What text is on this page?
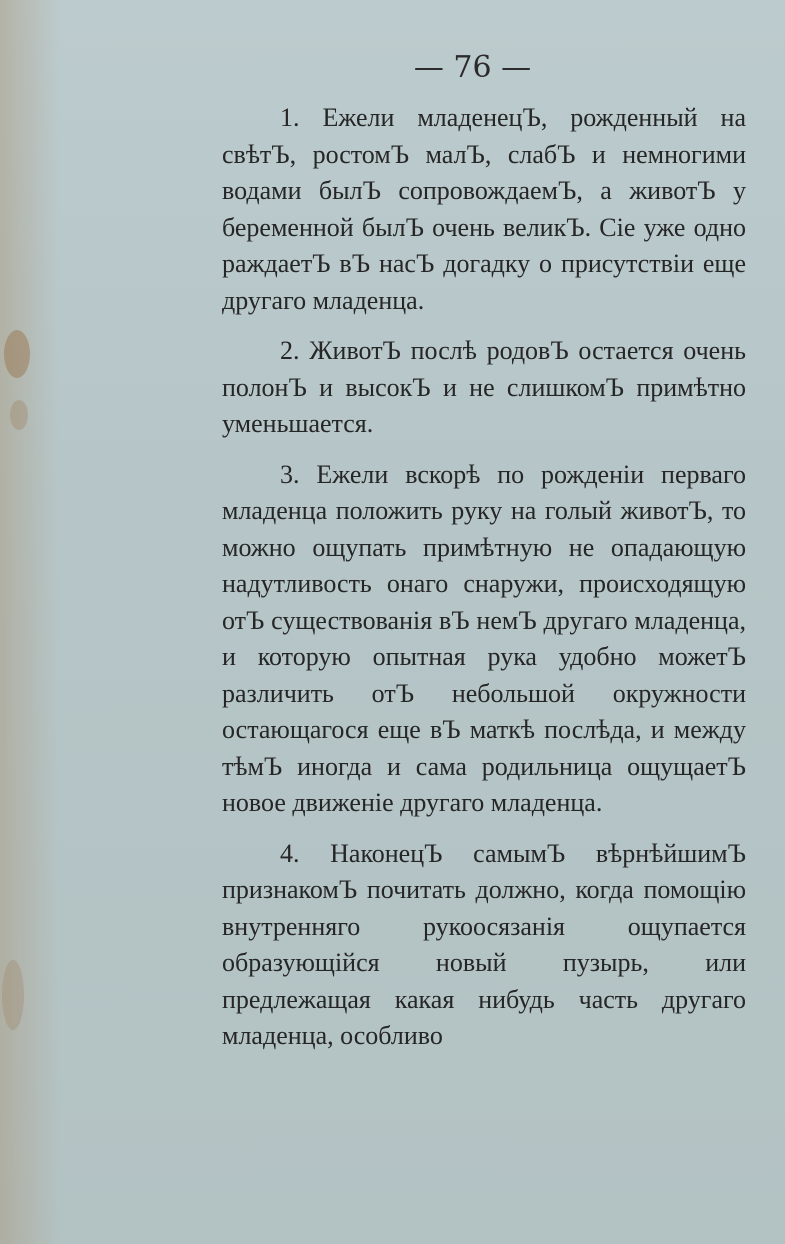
— 76 —

1. Ежели младенецЪ, рожденный на свѣтЪ, ростомЪ малЪ, слабЪ и немногими водами былЪ сопровождаемЪ, а животЪ у беременной былЪ очень великЪ. Сіе уже одно раждаетЪ вЪ насЪ догадку о присутствіи еще другаго младенца.

2. ЖивотЪ послѣ родовЪ остается очень полонЪ и высокЪ и не слишкомЪ примѣтно уменьшается.

3. Ежели вскорѣ по рожденіи перваго младенца положить руку на голый животЪ, то можно ощупать примѣтную не опадающую надутливость онаго снаружи, происходящую отЪ существованія вЪ немЪ другаго младенца, и которую опытная рука удобно можетЪ различить отЪ небольшой окружности остающагося еще вЪ маткѣ послѣда, и между тѣмЪ иногда и сама родильница ощущаетЪ новое движеніе другаго младенца.

4. НаконецЪ самымЪ вѣрнѣйшимЪ признакомЪ почитать должно, когда помощію внутренняго рукоосязанія ощупается образующійся новый пузырь, или предлежащая какая нибудь часть другаго младенца, особливо
